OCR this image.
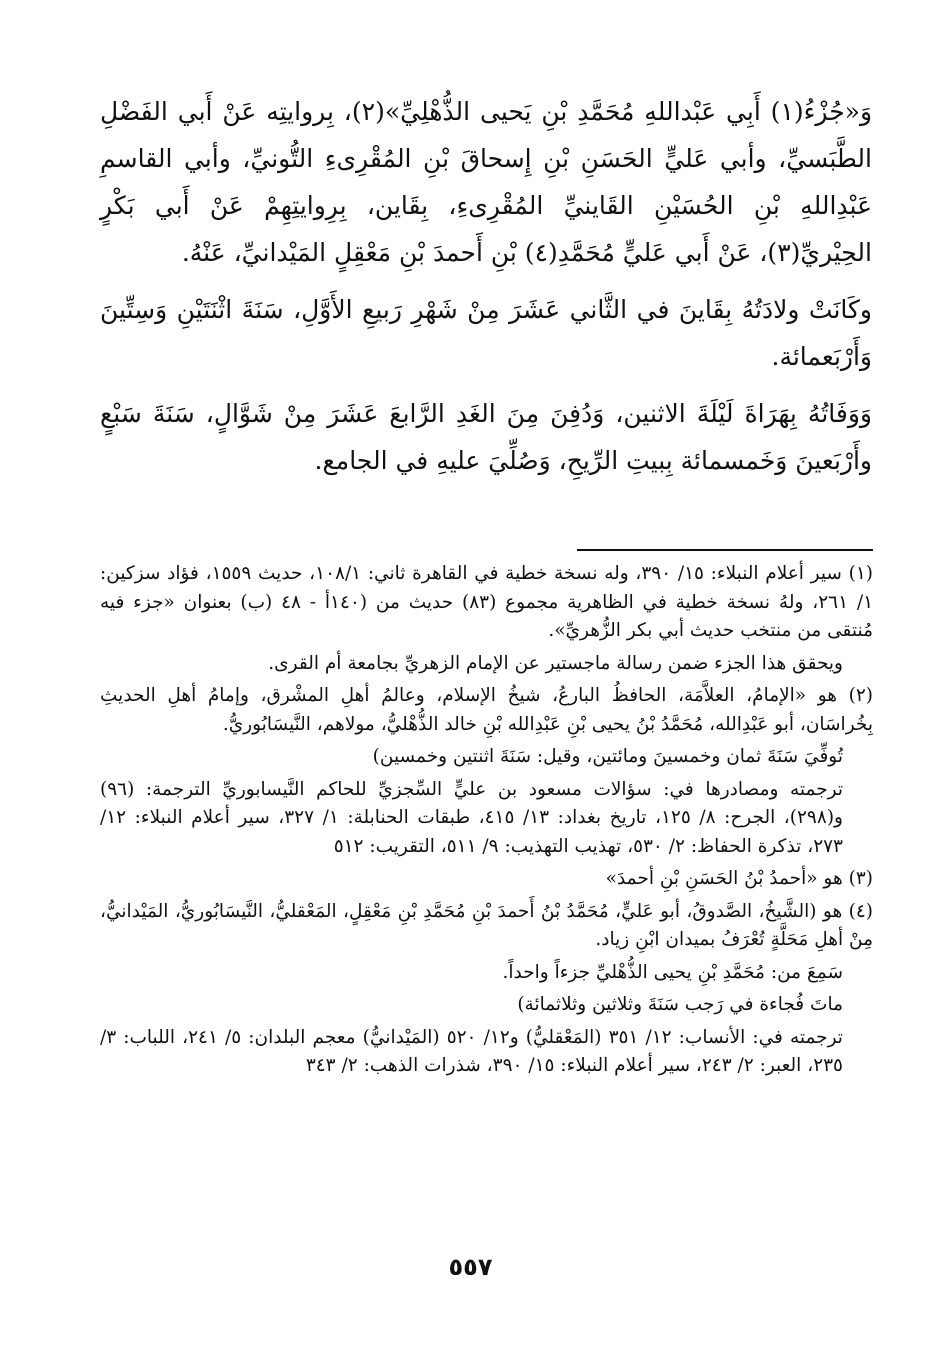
وَ«جُزْءُ(١) أَبِي عَبْداللهِ مُحَمَّدِ بْنِ يَحيى الذُّهْلِيِّ»(٢)، بِروايتِه عَنْ أَبي الفَضْلِ الطَّبَسيِّ، وأبي عَليٍّ الحَسَنِ بْنِ إِسحاقَ بْنِ المُقْرِىءِ التُّونيِّ، وأبي القاسمِ عَبْدِاللهِ بْنِ الحُسَيْنِ القَاينيِّ المُقْرِىءِ، بِقَاين، بِرِوايتِهِمْ عَنْ أَبي بَكْرٍ الحِيْريِّ(٣)، عَنْ أَبي عَليٍّ مُحَمَّدِ(٤) بْنِ أَحمدَ بْنِ مَعْقِلٍ المَيْدانيِّ، عَنْهُ.

وكَانَتْ ولادَتُهُ بِقَاينَ في الثَّاني عَشَرَ مِنْ شَهْرِ رَبيعِ الأَوَّلِ، سَنَةَ اثْنَتَيْنِ وَسِتِّينَ وَأَرْبَعمائة.

وَوَفَاتُهُ بِهَرَاةَ لَيْلَةَ الاثنين، وَدُفِنَ مِنَ الغَدِ الرَّابعَ عَشَرَ مِنْ شَوَّالٍ، سَنَةَ سَبْعٍ وأَرْبَعينَ وَخَمسمائة بِبيتِ الرِّيحِ، وَصُلِّيَ عليهِ في الجامع.

(١) سير أعلام النبلاء: ١٥/ ٣٩٠، وله نسخة خطية في القاهرة ثاني: ١٠٨/١، حديث ١٥٥٩، فؤاد سزكين: ١/ ٢٦١، ولهُ نسخة خطية في الظاهرية مجموع (٨٣) حديث من (١٤٠أ - ٤٨ (ب) بعنوان «جزء فيه مُنتقى من منتخب حديث أبي بكر الزُّهريِّ».

ويحقق هذا الجزء ضمن رسالة ماجستير عن الإمام الزهريِّ بجامعة أم القرى.

(٢) هو «الإمامُ، العلاَّمَة، الحافظُ البارعُ، شيخُ الإسلام، وعالمُ أهلِ المشْرق، وإمامُ أهلِ الحديثِ بِخُراسَان، أبو عَبْدِالله، مُحَمَّدُ بْنُ يحيى بْنِ عَبْدِالله بْنِ خالد الذُّهْليُّ، مولاهم، النَّيسَابُوريُّ.

تُوفِّيَ سَنَةَ ثمان وخمسينَ ومائتين، وقيل: سَنَةَ اثنتين وخمسين)

ترجمته ومصادرها في: سؤالات مسعود بن عليٍّ السِّجزيِّ للحاكم النَّيسابوريِّ الترجمة: (٩٦) و(٢٩٨)، الجرح: ٨/ ١٢٥، تاريخ بغداد: ١٣/ ٤١٥، طبقات الحنابلة: ١/ ٣٢٧، سير أعلام النبلاء: ١٢/ ٢٧٣، تذكرة الحفاظ: ٢/ ٥٣٠، تهذيب التهذيب: ٩/ ٥١١، التقريب: ٥١٢

(٣) هو «أحمدُ بْنُ الحَسَنِ بْنِ أحمدَ»

(٤) هو (الشَّيخُ، الصَّدوقُ، أبو عَليٍّ، مُحَمَّدُ بْنُ أَحمدَ بْنِ مُحَمَّدِ بْنِ مَعْقِلٍ، المَعْقليُّ، النَّيسَابُوريُّ، المَيْدانيُّ، مِنْ أهلِ مَحَلَّةٍ تُعْرَفُ بميدان ابْنِ زياد.

سَمِعَ من: مُحَمَّدِ بْنِ يحيى الذُّهْليِّ جزءاً واحداً.

ماتَ فُجاءة في رَجب سَنَةَ وثلاثين وثلاثمائة)

ترجمته في: الأنساب: ١٢/ ٣٥١ (المَعْقليُّ) و١٢/ ٥٢٠ (المَيْدانيُّ) معجم البلدان: ٥/ ٢٤١، اللباب: ٣/ ٢٣٥، العبر: ٢/ ٢٤٣، سير أعلام النبلاء: ١٥/ ٣٩٠، شذرات الذهب: ٢/ ٣٤٣

٥٥٧
